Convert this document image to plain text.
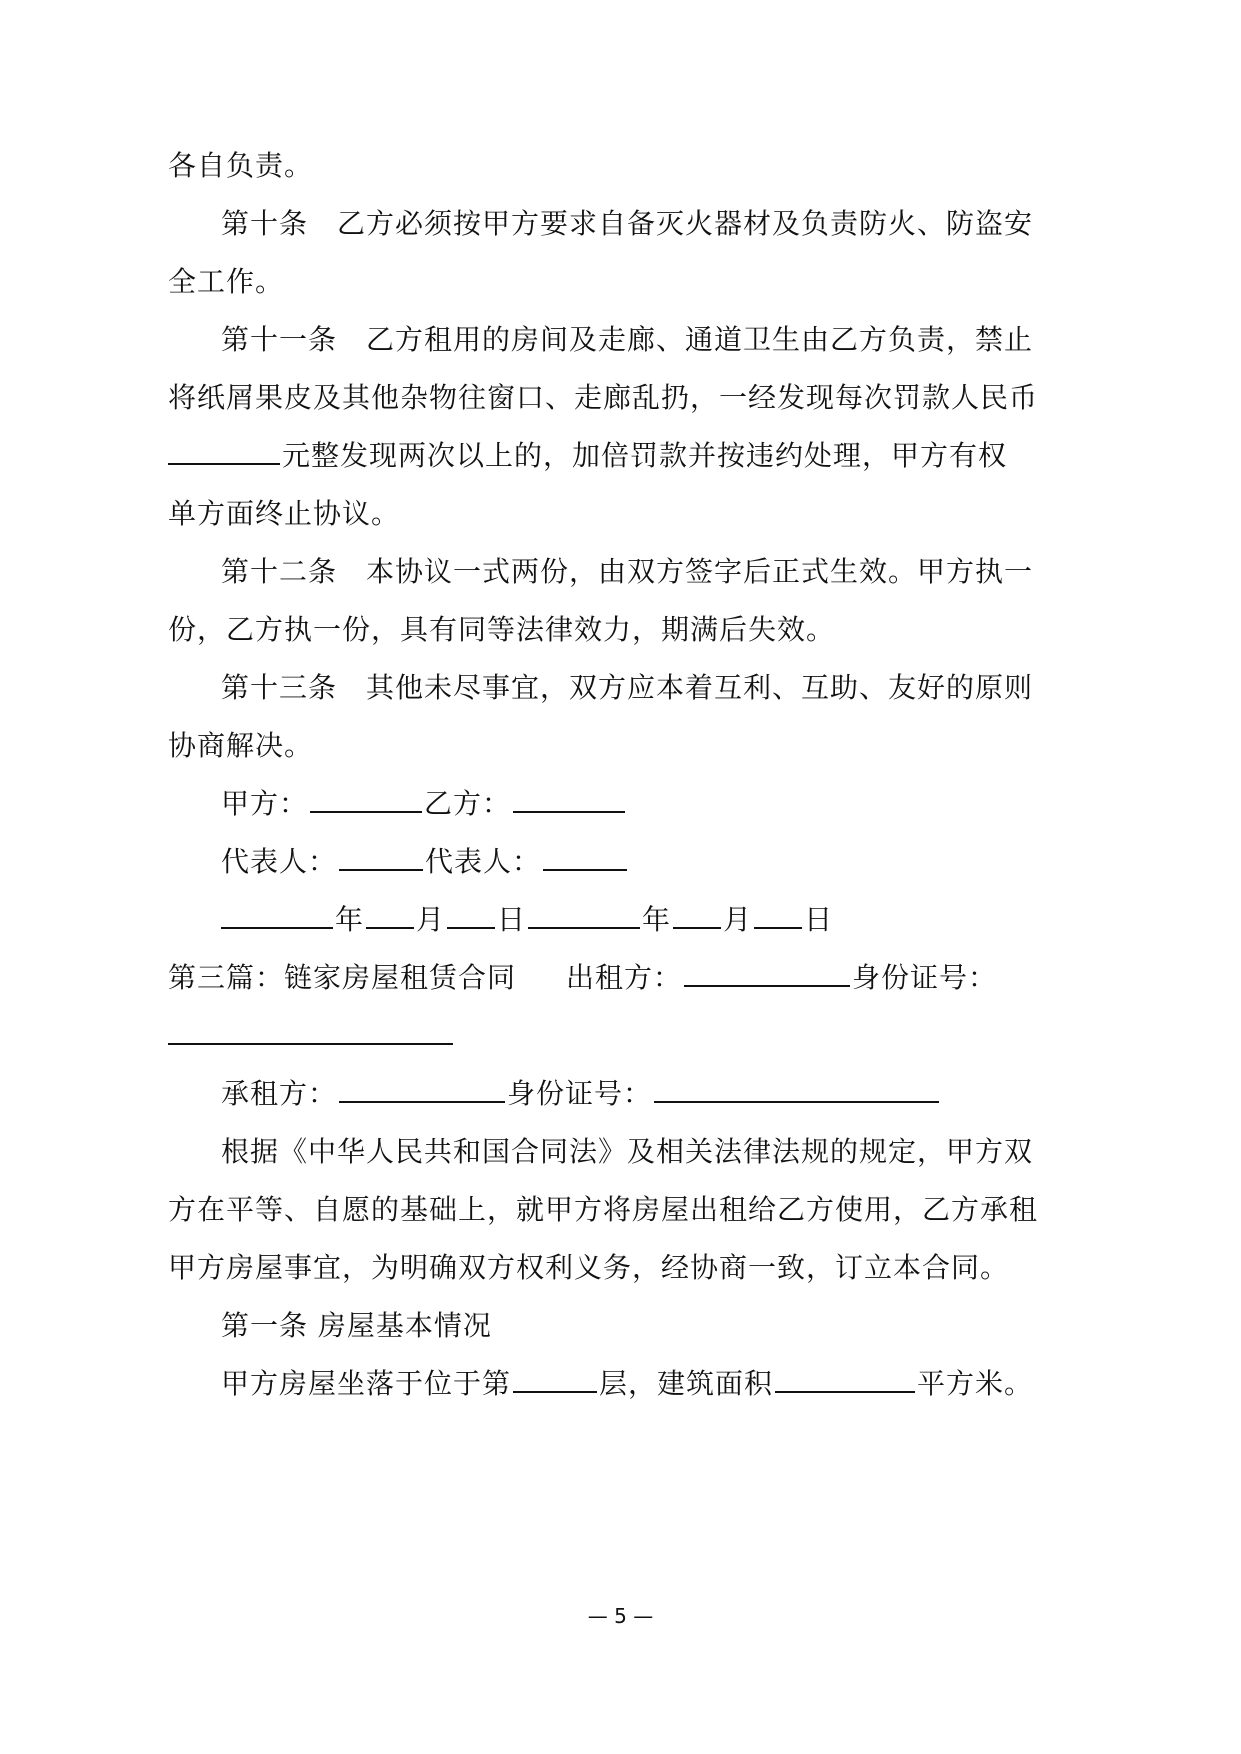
各自负责。
第十条　乙方必须按甲方要求自备灭火器材及负责防火、防盗安
全工作。
第十一条　乙方租用的房间及走廊、通道卫生由乙方负责，禁止
将纸屑果皮及其他杂物往窗口、走廊乱扔，一经发现每次罚款人民币
元整发现两次以上的，加倍罚款并按违约处理，甲方有权
单方面终止协议。
第十二条　本协议一式两份，由双方签字后正式生效。甲方执一
份，乙方执一份，具有同等法律效力，期满后失效。
第十三条　其他未尽事宜，双方应本着互利、互助、友好的原则
协商解决。
甲方：	乙方：
代表人：	代表人：
年 月 日	年 月 日
第三篇：链家房屋租赁合同 出租方：	身份证号：
承租方：	身份证号：
根据《中华人民共和国合同法》及相关法律法规的规定，甲方双
方在平等、自愿的基础上，就甲方将房屋出租给乙方使用，乙方承租
甲方房屋事宜，为明确双方权利义务，经协商一致，订立本合同。
第一条 房屋基本情况
甲方房屋坐落于位于第	层，建筑面积	平方米。
— 5 —
